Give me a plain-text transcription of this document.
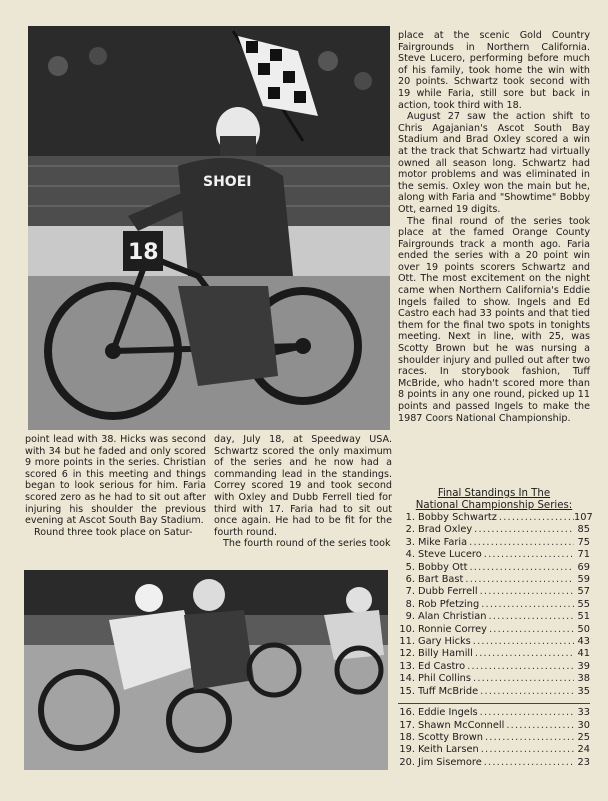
18
SHOEI

point lead with 38. Hicks was second with 34 but he faded and only scored 9 more points in the series. Christian scored 6 in this meeting and things began to look serious for him. Faria scored zero as he had to sit out after injuring his shoulder the previous evening at Ascot South Bay Stadium.

Round three took place on Satur-

day, July 18, at Speedway USA. Schwartz scored the only maximum of the series and he now had a commanding lead in the standings. Correy scored 19 and took second with Oxley and Dubb Ferrell tied for third with 17. Faria had to sit out once again. He had to be fit for the fourth round.

The fourth round of the series took

place at the scenic Gold Country Fairgrounds in Northern California. Steve Lucero, performing before much of his family, took home the win with 20 points. Schwartz took second with 19 while Faria, still sore but back in action, took third with 18.

August 27 saw the action shift to Chris Agajanian's Ascot South Bay Stadium and Brad Oxley scored a win at the track that Schwartz had virtually owned all season long. Schwartz had motor problems and was eliminated in the semis. Oxley won the main but he, along with Faria and "Showtime" Bobby Ott, earned 19 digits.

The final round of the series took place at the famed Orange County Fairgrounds track a month ago. Faria ended the series with a 20 point win over 19 points scorers Schwartz and Ott. The most excitement on the night came when Northern California's Eddie Ingels failed to show. Ingels and Ed Castro each had 33 points and that tied them for the final two spots in tonights meeting. Next in line, with 25, was Scotty Brown but he was nursing a shoulder injury and pulled out after two races. In storybook fashion, Tuff McBride, who hadn't scored more than 8 points in any one round, picked up 11 points and passed Ingels to make the 1987 Coors National Championship.

Final Standings In The
National Championship Series:
1. Bobby Schwartz .....	107
2. Brad Oxley .....	85
3. Mike Faria .....	75
4. Steve Lucero .....	71
5. Bobby Ott .....	69
6. Bart Bast .....	59
7. Dubb Ferrell .....	57
8. Rob Pfetzing .....	55
9. Alan Christian .....	51
10. Ronnie Correy .....	50
11. Gary Hicks .....	43
12. Billy Hamill .....	41
13. Ed Castro .....	39
14. Phil Collins .....	38
15. Tuff McBride .....	35
16. Eddie Ingels .....	33
17. Shawn McConnell .....	30
18. Scotty Brown .....	25
19. Keith Larsen .....	24
20. Jim Sisemore .....	23
